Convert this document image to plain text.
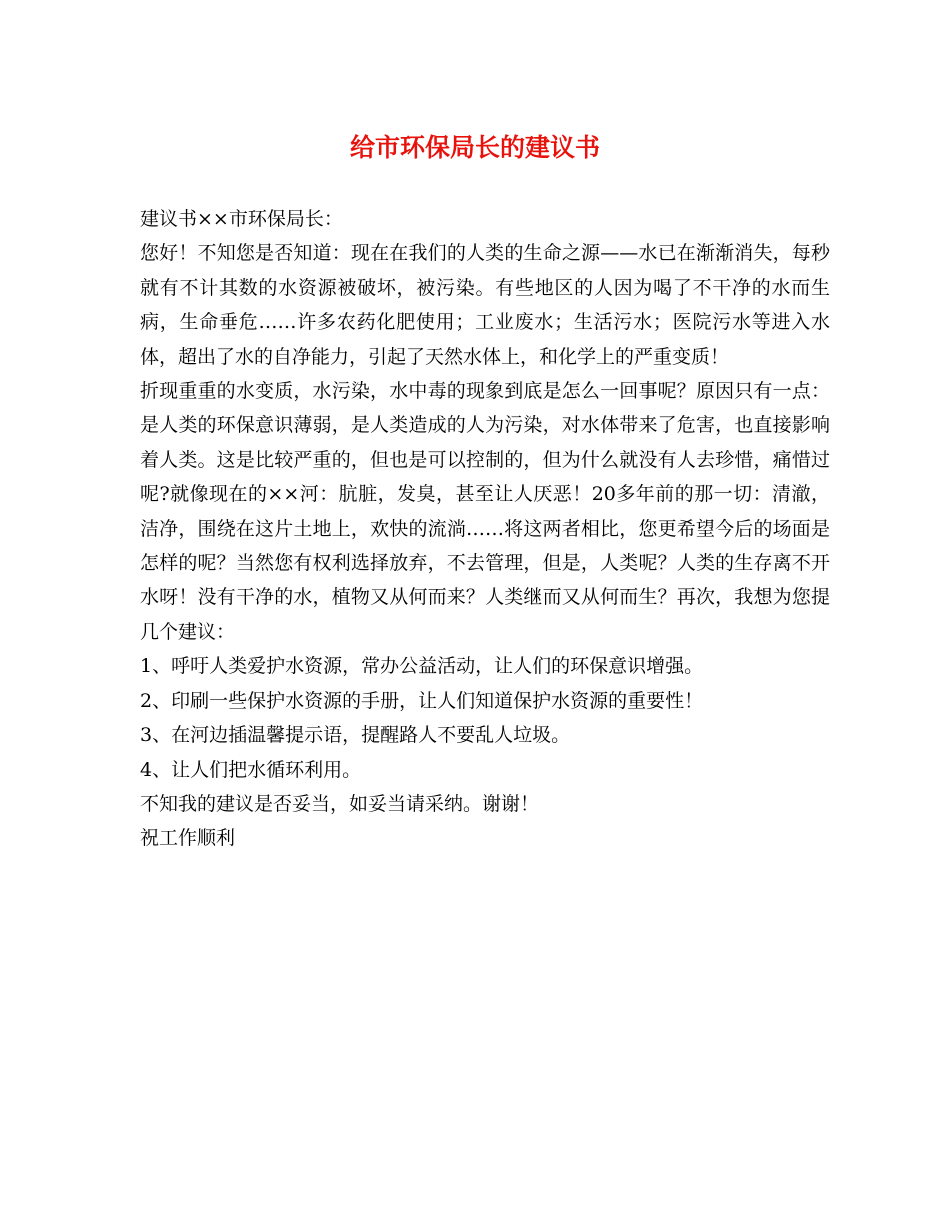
给市环保局长的建议书

建议书××市环保局长：

您好！不知您是否知道：现在在我们的人类的生命之源——水已在渐渐消失，每秒就有不计其数的水资源被破坏，被污染。有些地区的人因为喝了不干净的水而生病，生命垂危……许多农药化肥使用；工业废水；生活污水；医院污水等进入水体，超出了水的自净能力，引起了天然水体上，和化学上的严重变质！

折现重重的水变质，水污染，水中毒的现象到底是怎么一回事呢？原因只有一点：是人类的环保意识薄弱，是人类造成的人为污染，对水体带来了危害，也直接影响着人类。这是比较严重的，但也是可以控制的，但为什么就没有人去珍惜，痛惜过呢?就像现在的××河：肮脏，发臭，甚至让人厌恶！20多年前的那一切：清澈，洁净，围绕在这片土地上，欢快的流淌……将这两者相比，您更希望今后的场面是怎样的呢？当然您有权利选择放弃，不去管理，但是，人类呢？人类的生存离不开水呀！没有干净的水，植物又从何而来？人类继而又从何而生？再次，我想为您提几个建议：

1、呼吁人类爱护水资源，常办公益活动，让人们的环保意识增强。

2、印刷一些保护水资源的手册，让人们知道保护水资源的重要性！

3、在河边插温馨提示语，提醒路人不要乱人垃圾。

4、让人们把水循环利用。

不知我的建议是否妥当，如妥当请采纳。谢谢！

祝工作顺利
